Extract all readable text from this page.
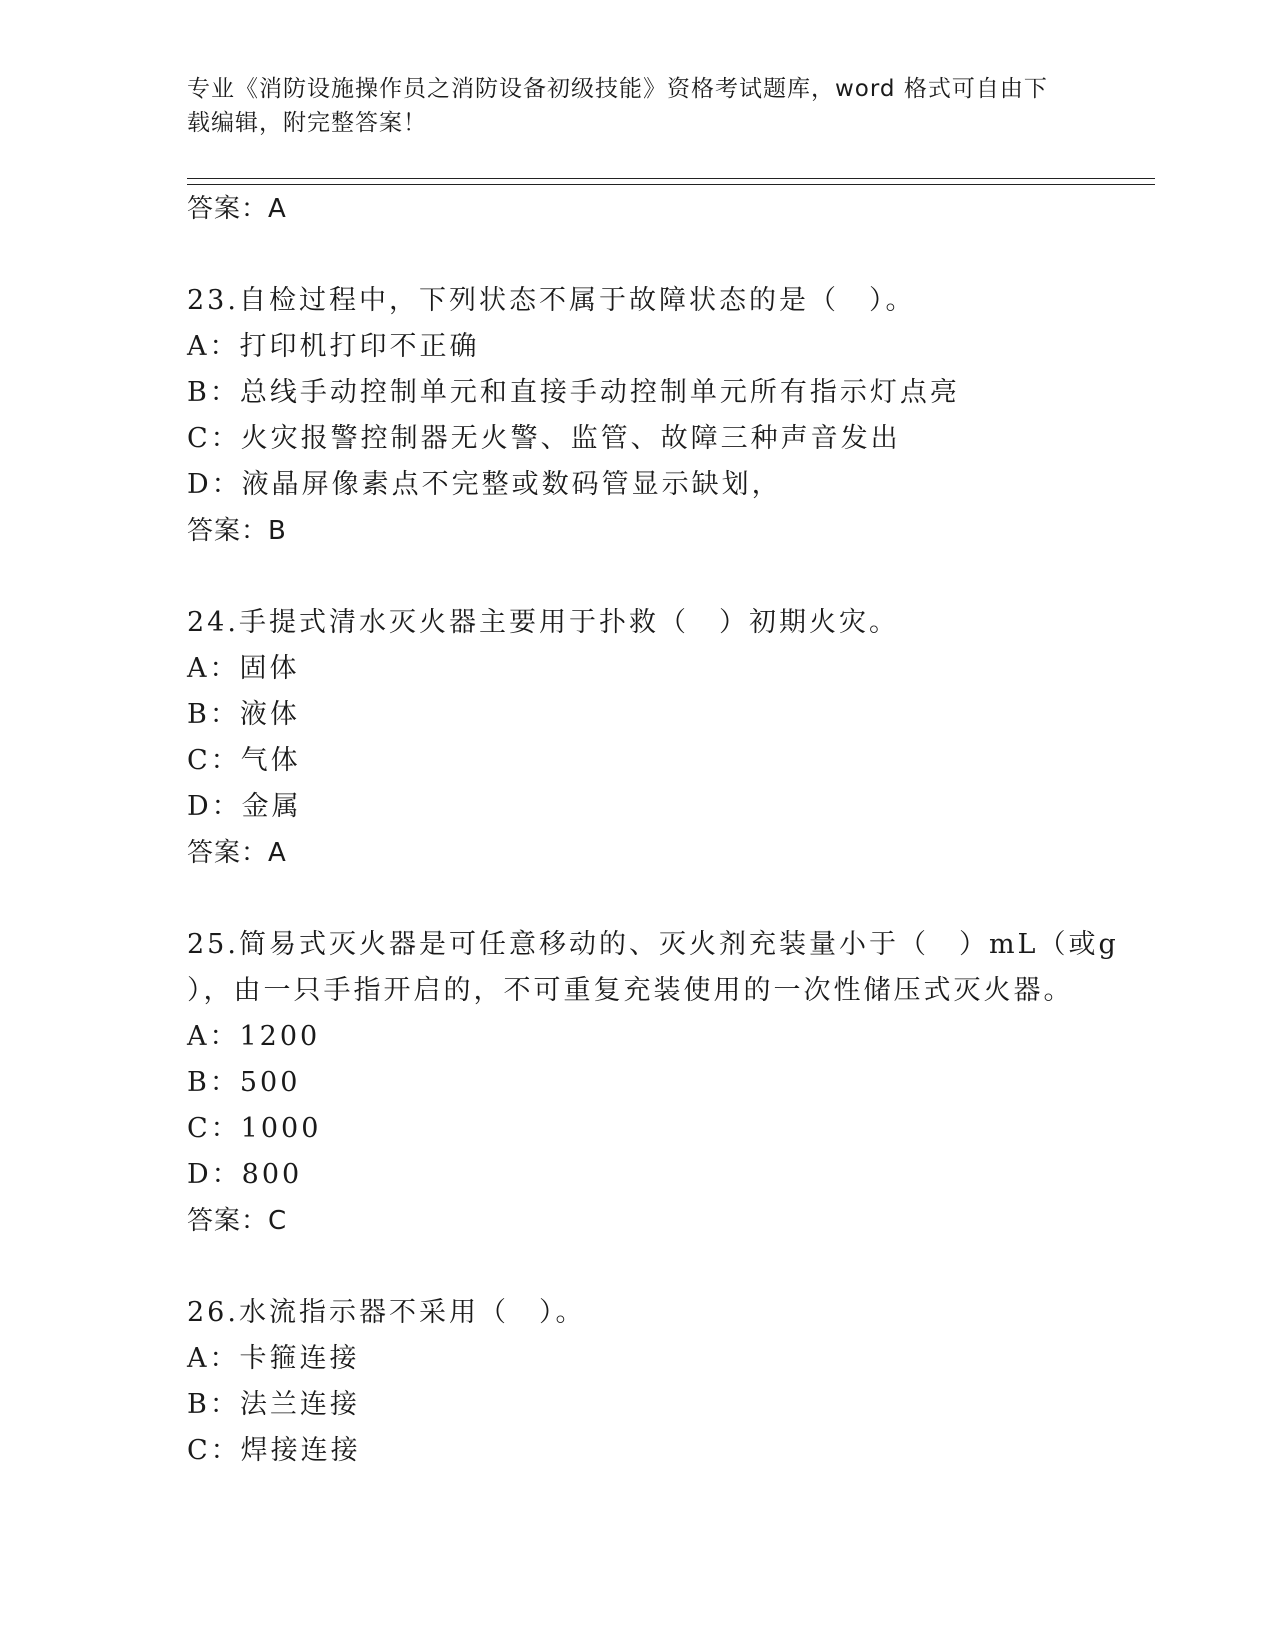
专业《消防设施操作员之消防设备初级技能》资格考试题库，word 格式可自由下
载编辑，附完整答案！
答案：A
23.自检过程中，下列状态不属于故障状态的是（　）。
A：打印机打印不正确
B：总线手动控制单元和直接手动控制单元所有指示灯点亮
C：火灾报警控制器无火警、监管、故障三种声音发出
D：液晶屏像素点不完整或数码管显示缺划，
答案：B
24.手提式清水灭火器主要用于扑救（　）初期火灾。
A：固体
B：液体
C：气体
D：金属
答案：A
25.简易式灭火器是可任意移动的、灭火剂充装量小于（　）mL（或g
），由一只手指开启的，不可重复充装使用的一次性储压式灭火器。
A：1200
B：500
C：1000
D：800
答案：C
26.水流指示器不采用（　）。
A：卡箍连接
B：法兰连接
C：焊接连接
